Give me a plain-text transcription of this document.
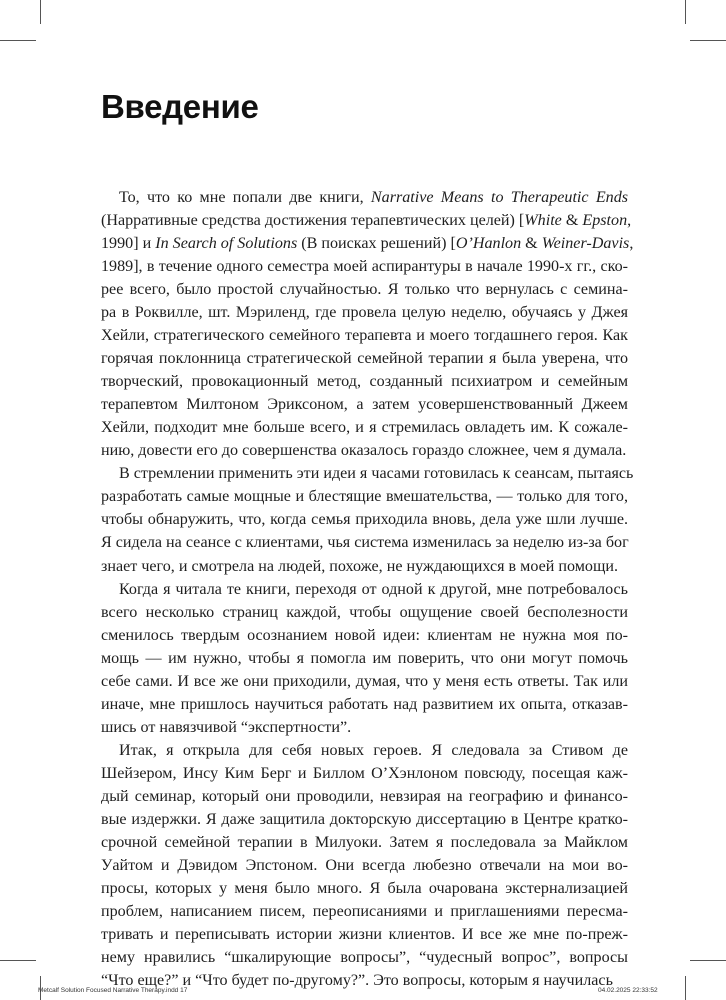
Введение
То, что ко мне попали две книги, Narrative Means to Therapeutic Ends
(Нарративные средства достижения терапевтических целей) [White & Epston,
1990] и In Search of Solutions (В поисках решений) [O’Hanlon & Weiner-Davis,
1989], в течение одного семестра моей аспирантуры в начале 1990-х гг., ско-
рее всего, было простой случайностью. Я только что вернулась с семина-
ра в Роквилле, шт. Мэриленд, где провела целую неделю, обучаясь у Джея
Хейли, стратегического семейного терапевта и моего тогдашнего героя. Как
горячая поклонница стратегической семейной терапии я была уверена, что
творческий, провокационный метод, созданный психиатром и семейным
терапевтом Милтоном Эриксоном, а затем усовершенствованный Джеем
Хейли, подходит мне больше всего, и я стремилась овладеть им. К сожале-
нию, довести его до совершенства оказалось гораздо сложнее, чем я думала.
В стремлении применить эти идеи я часами готовилась к сеансам, пытаясь
разработать самые мощные и блестящие вмешательства, — только для того,
чтобы обнаружить, что, когда семья приходила вновь, дела уже шли лучше.
Я сидела на сеансе с клиентами, чья система изменилась за неделю из-за бог
знает чего, и смотрела на людей, похоже, не нуждающихся в моей помощи.
Когда я читала те книги, переходя от одной к другой, мне потребовалось
всего несколько страниц каждой, чтобы ощущение своей бесполезности
сменилось твердым осознанием новой идеи: клиентам не нужна моя по-
мощь — им нужно, чтобы я помогла им поверить, что они могут помочь
себе сами. И все же они приходили, думая, что у меня есть ответы. Так или
иначе, мне пришлось научиться работать над развитием их опыта, отказав-
шись от навязчивой “экспертности”.
Итак, я открыла для себя новых героев. Я следовала за Стивом де
Шейзером, Инсу Ким Берг и Биллом О’Хэнлоном повсюду, посещая каж-
дый семинар, который они проводили, невзирая на географию и финансо-
вые издержки. Я даже защитила докторскую диссертацию в Центре кратко-
срочной семейной терапии в Милуоки. Затем я последовала за Майклом
Уайтом и Дэвидом Эпстоном. Они всегда любезно отвечали на мои во-
просы, которых у меня было много. Я была очарована экстернализацией
проблем, написанием писем, переописаниями и приглашениями пересма-
тривать и переписывать истории жизни клиентов. И все же мне по-преж-
нему нравились “шкалирующие вопросы”, “чудесный вопрос”, вопросы
“Что еще?” и “Что будет по-другому?”. Это вопросы, которым я научилась
Metcalf Solution Focused Narrative Therapy.indd 17	04.02.2025 22:33:52
